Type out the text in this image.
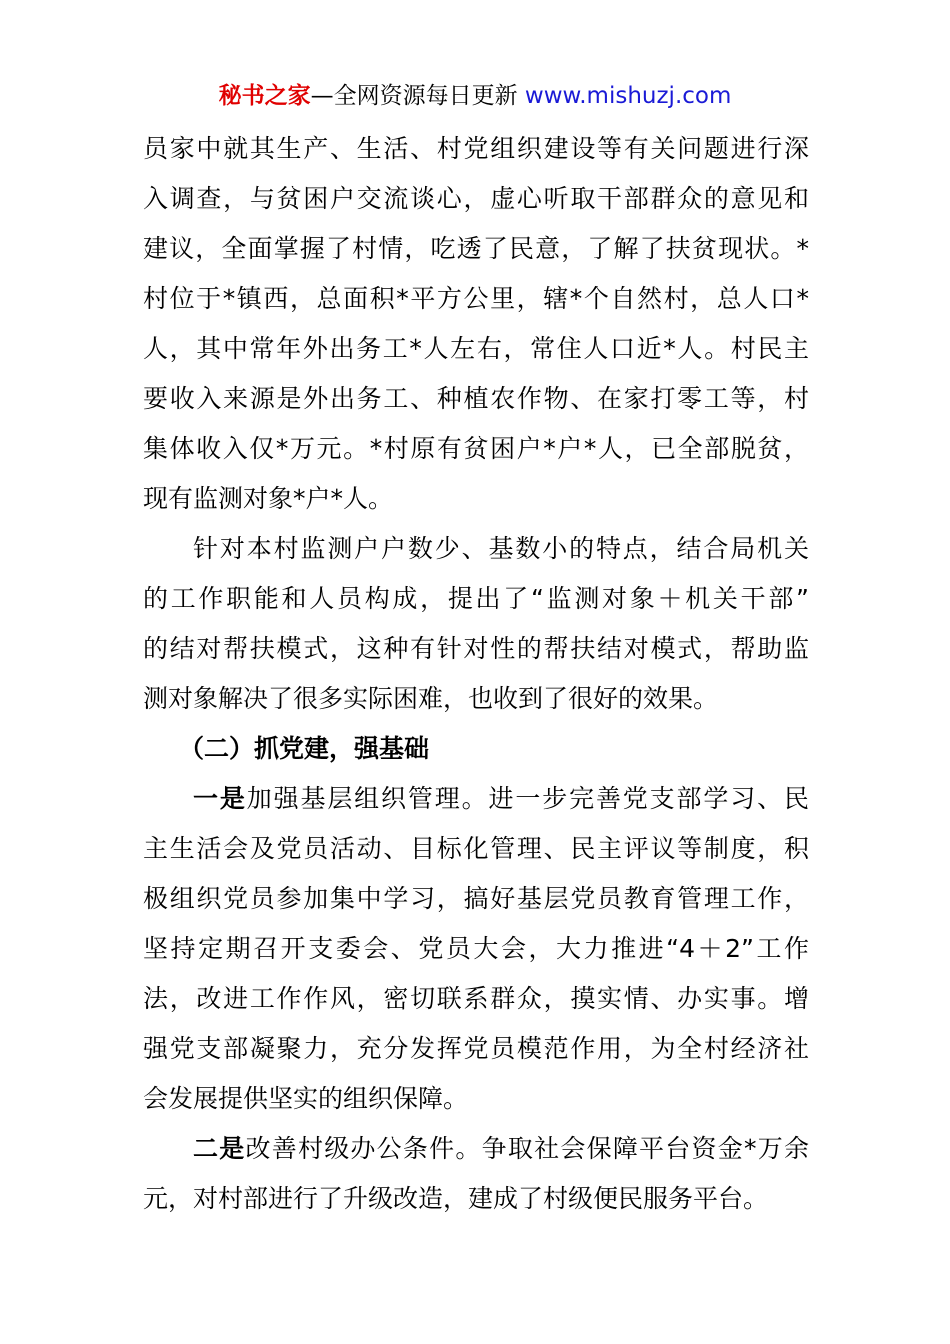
秘书之家—全网资源每日更新 www.mishuzj.com
员家中就其生产、生活、村党组织建设等有关问题进行深
入调查，与贫困户交流谈心，虚心听取干部群众的意见和
建议，全面掌握了村情，吃透了民意，了解了扶贫现状。*
村位于*镇西，总面积*平方公里，辖*个自然村，总人口*
人，其中常年外出务工*人左右，常住人口近*人。村民主
要收入来源是外出务工、种植农作物、在家打零工等，村
集体收入仅*万元。*村原有贫困户*户*人，已全部脱贫，
现有监测对象*户*人。
针对本村监测户户数少、基数小的特点，结合局机关
的工作职能和人员构成，提出了“监测对象＋机关干部”
的结对帮扶模式，这种有针对性的帮扶结对模式，帮助监
测对象解决了很多实际困难，也收到了很好的效果。
（二）抓党建，强基础
一是加强基层组织管理。进一步完善党支部学习、民
主生活会及党员活动、目标化管理、民主评议等制度，积
极组织党员参加集中学习，搞好基层党员教育管理工作，
坚持定期召开支委会、党员大会，大力推进“4＋2”工作
法，改进工作作风，密切联系群众，摸实情、办实事。增
强党支部凝聚力，充分发挥党员模范作用，为全村经济社
会发展提供坚实的组织保障。
二是改善村级办公条件。争取社会保障平台资金*万余
元，对村部进行了升级改造，建成了村级便民服务平台。
